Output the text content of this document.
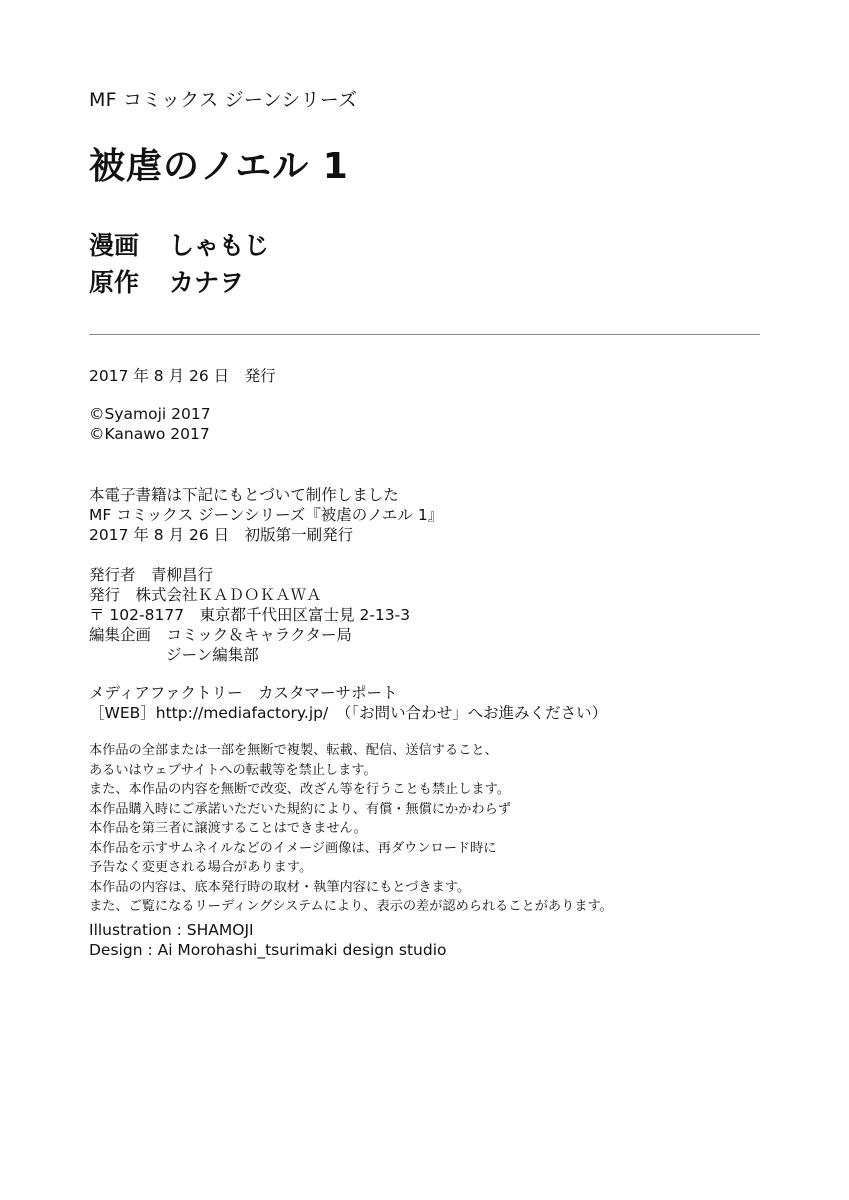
MF コミックス ジーンシリーズ
被虐のノエル 1
漫画 しゃもじ
原作 カナヲ
2017 年 8 月 26 日　発行
©Syamoji 2017
©Kanawo 2017
本電子書籍は下記にもとづいて制作しました
MF コミックス ジーンシリーズ『被虐のノエル 1』
2017 年 8 月 26 日　初版第一刷発行
発行者　 青柳昌行
発行　 株式会社ＫＡＤＯＫＡＷＡ
〒 102-8177　東京都千代田区富士見 2-13-3
編集企画　 コミック＆キャラクター局
ジーン編集部
メディアファクトリー　カスタマーサポート
［WEB］http://mediafactory.jp/　（「お問い合わせ」へお進みください）
本作品の全部または一部を無断で複製、転載、配信、送信すること、
あるいはウェブサイトへの転載等を禁止します。
また、本作品の内容を無断で改変、改ざん等を行うことも禁止します。
本作品購入時にご承諾いただいた規約により、有償・無償にかかわらず
本作品を第三者に譲渡することはできません。
本作品を示すサムネイルなどのイメージ画像は、再ダウンロード時に
予告なく変更される場合があります。
本作品の内容は、底本発行時の取材・執筆内容にもとづきます。
また、ご覧になるリーディングシステムにより、表示の差が認められることがあります。
Illustration : SHAMOJI
Design : Ai Morohashi_tsurimaki design studio
